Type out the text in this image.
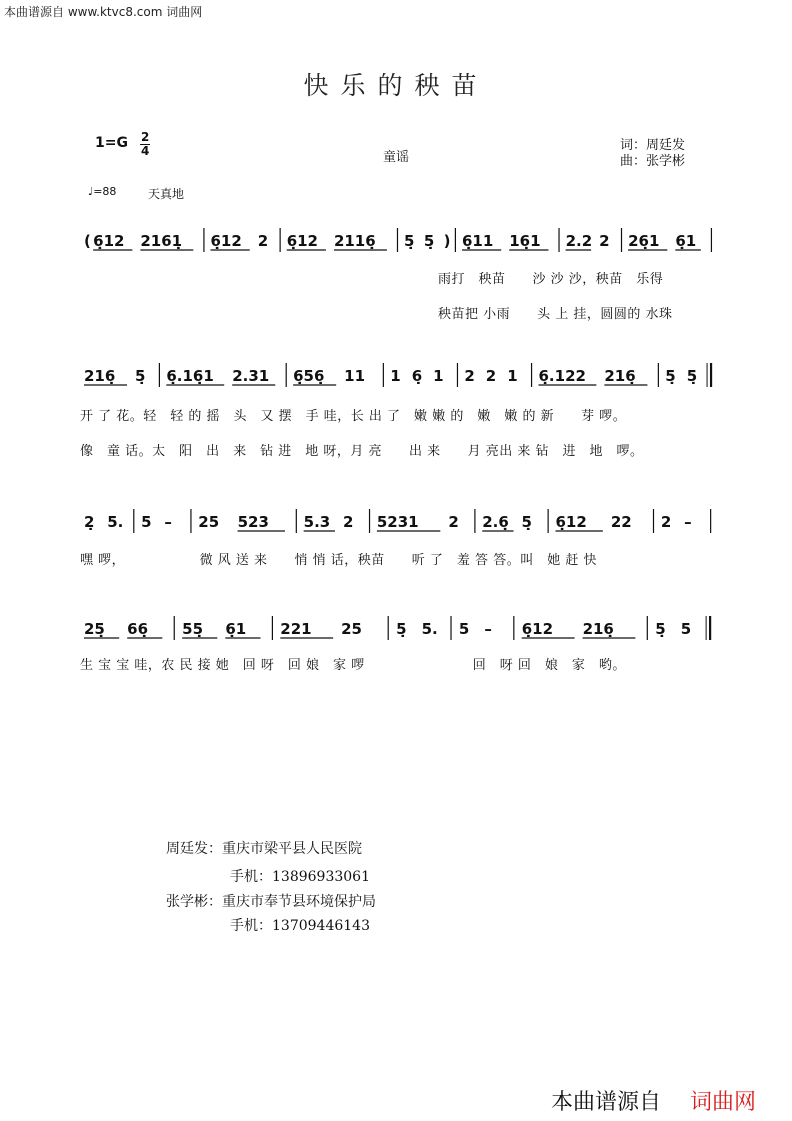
本曲谱源自 www.ktvc8.com 词曲网
快乐的秧苗
1=G 2
4	童谣
词：周廷发
曲：张学彬
♩=88	天真地
( 6̣12 2161̣ 6̣12 2 6̣12 2116̣ 5̣ 5̣ ) 6̣11 16̣1 2.2 2 26̣1 6̣1
雨打　秧苗　　沙 沙 沙，秧苗　乐得
秧苗把 小雨　　头 上 挂，圆圆的 水珠
216̣ 5̣ 6̣.16̣1 2.31 6̣56̣ 11 1 6̣ 1 2 2 1 6̣.122 216̣ 5̣ 5̣
开 了 花。轻　轻 的 摇　头　又 摆　手 哇，长 出 了　嫩 嫩 的　嫩　嫩 的 新　　芽 啰。
像　童 话。太　阳　出　来　钻 进　地 呀，月 亮　　出 来　　月 亮出 来 钻　进　地　啰。
2̣ 5. 5 – 25 523 5.3 2 5231 2 2.6̣ 5̣ 6̣12 22 2 –
嘿 啰，　　　　　　微 风 送 来　　悄 悄 话，秧苗　　听 了　羞 答 答。叫　她 赶 快
25̣ 66̣ 55̣ 6̣1 221 25 5̣ 5. 5 – 6̣12 216̣	5̣ 5
生 宝 宝 哇，农 民 接 她　回 呀　回 娘　家 啰　　　　　　　　回　呀 回　娘　家　哟。
周廷发：重庆市梁平县人民医院
手机：13896933061
张学彬：重庆市奉节县环境保护局
手机：13709446143
本曲谱源自 词曲网
